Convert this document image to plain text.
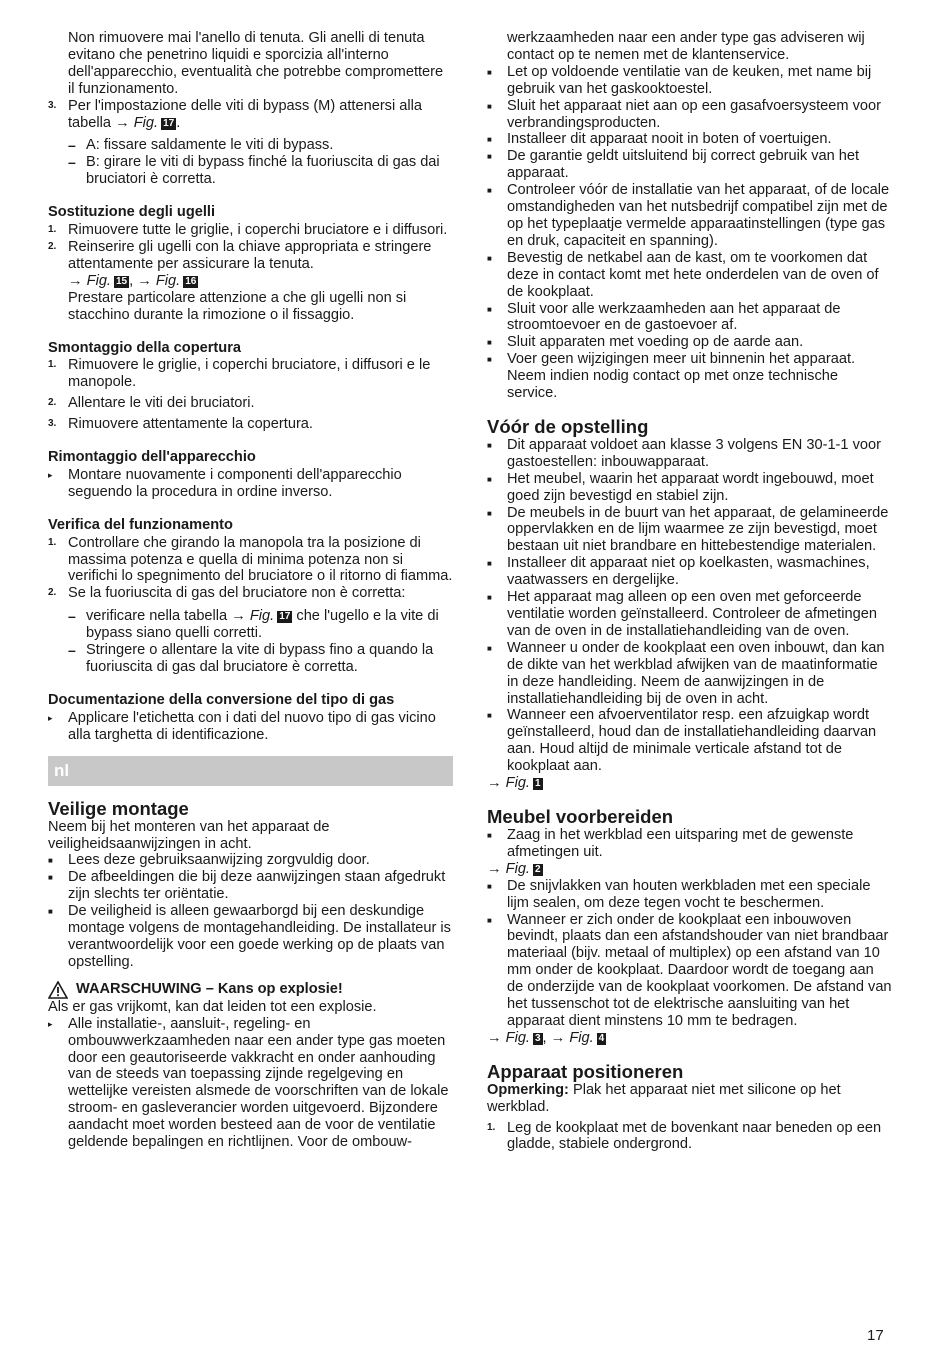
Non rimuovere mai l'anello di tenuta. Gli anelli di tenuta evitano che penetrino liquidi e sporcizia all'interno dell'apparecchio, eventualità che potrebbe compromettere il funzionamento.

3. Per l'impostazione delle viti di bypass (M) attenersi alla tabella → Fig. 17 .
– A: fissare saldamente le viti di bypass.
– B: girare le viti di bypass finché la fuoriuscita di gas dai bruciatori è corretta.

Sostituzione degli ugelli

1. Rimuovere tutte le griglie, i coperchi bruciatore e i diffusori.
2. Reinserire gli ugelli con la chiave appropriata e stringere attentamente per assicurare la tenuta.
→ Fig. 15 , → Fig. 16
Prestare particolare attenzione a che gli ugelli non si stacchino durante la rimozione o il fissaggio.

Smontaggio della copertura

1. Rimuovere le griglie, i coperchi bruciatore, i diffusori e le manopole.
2. Allentare le viti dei bruciatori.
3. Rimuovere attentamente la copertura.

Rimontaggio dell'apparecchio

▸ Montare nuovamente i componenti dell'apparecchio seguendo la procedura in ordine inverso.

Verifica del funzionamento

1. Controllare che girando la manopola tra la posizione di massima potenza e quella di minima potenza non si verifichi lo spegnimento del bruciatore o il ritorno di fiamma.
2. Se la fuoriuscita di gas del bruciatore non è corretta:
– verificare nella tabella → Fig. 17 che l'ugello e la vite di bypass siano quelli corretti.
– Stringere o allentare la vite di bypass fino a quando la fuoriuscita di gas dal bruciatore è corretta.

Documentazione della conversione del tipo di gas

▸ Applicare l'etichetta con i dati del nuovo tipo di gas vicino alla targhetta di identificazione.
nl

Veilige montage

Neem bij het monteren van het apparaat de veiligheidsaanwijzingen in acht.

■ Lees deze gebruiksaanwijzing zorgvuldig door.
■ De afbeeldingen die bij deze aanwijzingen staan afgedrukt zijn slechts ter oriëntatie.
■ De veiligheid is alleen gewaarborgd bij een deskundige montage volgens de montagehandleiding. De installateur is verantwoordelijk voor een goede werking op de plaats van opstelling.
WAARSCHUWING – Kans op explosie!

Als er gas vrijkomt, kan dat leiden tot een explosie.

▸ Alle installatie-, aansluit-, regeling- en ombouwwerkzaamheden naar een ander type gas moeten door een geautoriseerde vakkracht en onder aanhouding van de steeds van toepassing zijnde regelgeving en wettelijke vereisten alsmede de voorschriften van de lokale stroom- en gasleverancier worden uitgevoerd. Bijzondere aandacht moet worden besteed aan de voor de ventilatie geldende bepalingen en richtlijnen. Voor de ombouw-

werkzaamheden naar een ander type gas adviseren wij contact op te nemen met de klantenservice.

■ Let op voldoende ventilatie van de keuken, met name bij gebruik van het gaskooktoestel.
■ Sluit het apparaat niet aan op een gasafvoersysteem voor verbrandingsproducten.
■ Installeer dit apparaat nooit in boten of voertuigen.
■ De garantie geldt uitsluitend bij correct gebruik van het apparaat.
■ Controleer vóór de installatie van het apparaat, of de locale omstandigheden van het nutsbedrijf compatibel zijn met de op het typeplaatje vermelde apparaatinstellingen (type gas en druk, capaciteit en spanning).
■ Bevestig de netkabel aan de kast, om te voorkomen dat deze in contact komt met hete onderdelen van de oven of de kookplaat.
■ Sluit voor alle werkzaamheden aan het apparaat de stroomtoevoer en de gastoevoer af.
■ Sluit apparaten met voeding op de aarde aan.
■ Voer geen wijzigingen meer uit binnenin het apparaat. Neem indien nodig contact op met onze technische service.

Vóór de opstelling

■ Dit apparaat voldoet aan klasse 3 volgens EN 30-1-1 voor gastoestellen: inbouwapparaat.
■ Het meubel, waarin het apparaat wordt ingebouwd, moet goed zijn bevestigd en stabiel zijn.
■ De meubels in de buurt van het apparaat, de gelamineerde oppervlakken en de lijm waarmee ze zijn bevestigd, moet bestaan uit niet brandbare en hittebestendige materialen.
■ Installeer dit apparaat niet op koelkasten, wasmachines, vaatwassers en dergelijke.
■ Het apparaat mag alleen op een oven met geforceerde ventilatie worden geïnstalleerd. Controleer de afmetingen van de oven in de installatiehandleiding van de oven.
■ Wanneer u onder de kookplaat een oven inbouwt, dan kan de dikte van het werkblad afwijken van de maatinformatie in deze handleiding. Neem de aanwijzingen in de installatiehandleiding bij de oven in acht.
■ Wanneer een afvoerventilator resp. een afzuigkap wordt geïnstalleerd, houd dan de installatiehandleiding daarvan aan. Houd altijd de minimale verticale afstand tot de kookplaat aan.

→ Fig. 1

Meubel voorbereiden

■ Zaag in het werkblad een uitsparing met de gewenste afmetingen uit.

→ Fig. 2

■ De snijvlakken van houten werkbladen met een speciale lijm sealen, om deze tegen vocht te beschermen.
■ Wanneer er zich onder de kookplaat een inbouwoven bevindt, plaats dan een afstandshouder van niet brandbaar materiaal (bijv. metaal of multiplex) op een afstand van 10 mm onder de kookplaat. Daardoor wordt de toegang aan de onderzijde van de kookplaat voorkomen. De afstand van het tussenschot tot de elektrische aansluiting van het apparaat dient minstens 10 mm te bedragen.

→ Fig. 3 , → Fig. 4

Apparaat positioneren

Opmerking: Plak het apparaat niet met silicone op het werkblad.

1. Leg de kookplaat met de bovenkant naar beneden op een gladde, stabiele ondergrond.
17
